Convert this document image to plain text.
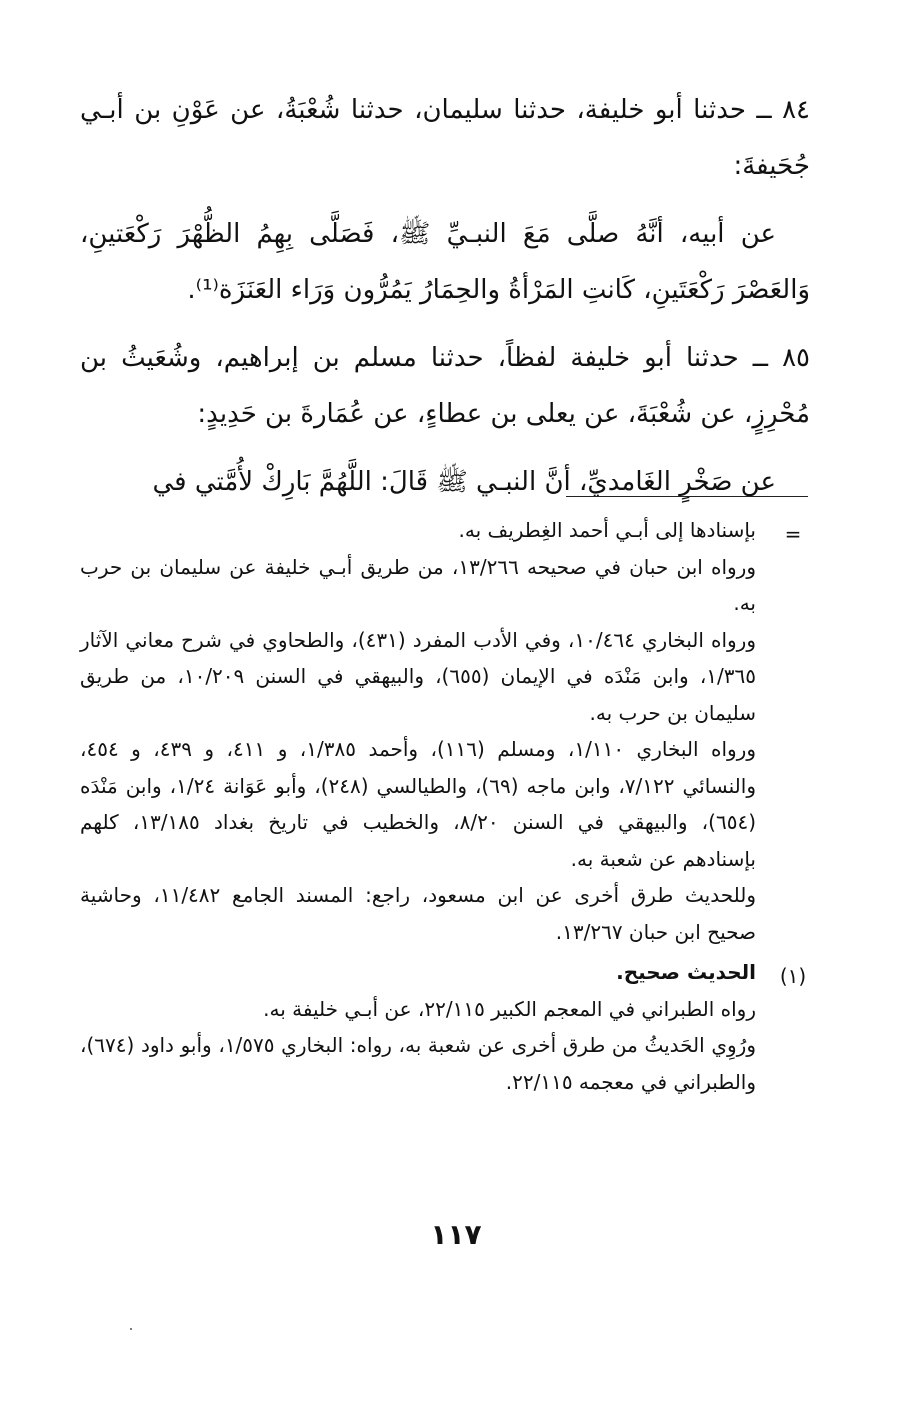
٨٤ ــ حدثنا أبو خليفة، حدثنا سليمان، حدثنا شُعْبَةُ، عن عَوْنِ بن أبـي جُحَيفةَ:

عن أبيه، أنَّهُ صلَّى مَعَ النبـيِّ ﷺ، فَصَلَّى بِهِمُ الظُّهْرَ رَكْعَتينِ، وَالعَصْرَ رَكْعَتَينِ، كَانتِ المَرْأةُ والحِمَارُ يَمُرُّون وَرَاء العَنَزَة⁽¹⁾.

٨٥ ــ حدثنا أبو خليفة لفظاً، حدثنا مسلم بن إبراهيم، وشُعَيثُ بن مُحْرِزٍ، عن شُعْبَةَ، عن يعلى بن عطاءٍ، عن عُمَارةَ بن حَدِيدٍ:

عن صَخْرٍ الغَامديِّ، أنَّ النبـي ﷺ قَالَ: اللَّهُمَّ بَارِكْ لأُمَّتي في

=

بإسنادها إلى أبـي أحمد الغِطريف به.

ورواه ابن حبان في صحيحه ١٣/٢٦٦، من طريق أبـي خليفة عن سليمان بن حرب به.

ورواه البخاري ١٠/٤٦٤، وفي الأدب المفرد (٤٣١)، والطحاوي في شرح معاني الآثار ١/٣٦٥، وابن مَنْدَه في الإيمان (٦٥٥)، والبيهقي في السنن ١٠/٢٠٩، من طريق سليمان بن حرب به.

ورواه البخاري ١/١١٠، ومسلم (١١٦)، وأحمد ١/٣٨٥، و ٤١١، و ٤٣٩، و ٤٥٤، والنسائي ٧/١٢٢، وابن ماجه (٦٩)، والطيالسي (٢٤٨)، وأبو عَوَانة ١/٢٤، وابن مَنْدَه (٦٥٤)، والبيهقي في السنن ٨/٢٠، والخطيب في تاريخ بغداد ١٣/١٨٥، كلهم بإسنادهم عن شعبة به.

وللحديث طرق أخرى عن ابن مسعود، راجع: المسند الجامع ١١/٤٨٢، وحاشية صحيح ابن حبان ١٣/٢٦٧.

(١)

الحديث صحيح.

رواه الطبراني في المعجم الكبير ٢٢/١١٥، عن أبـي خليفة به.

ورُوِي الحَديثُ من طرق أخرى عن شعبة به، رواه: البخاري ١/٥٧٥، وأبو داود (٦٧٤)، والطبراني في معجمه ٢٢/١١٥.

١١٧
